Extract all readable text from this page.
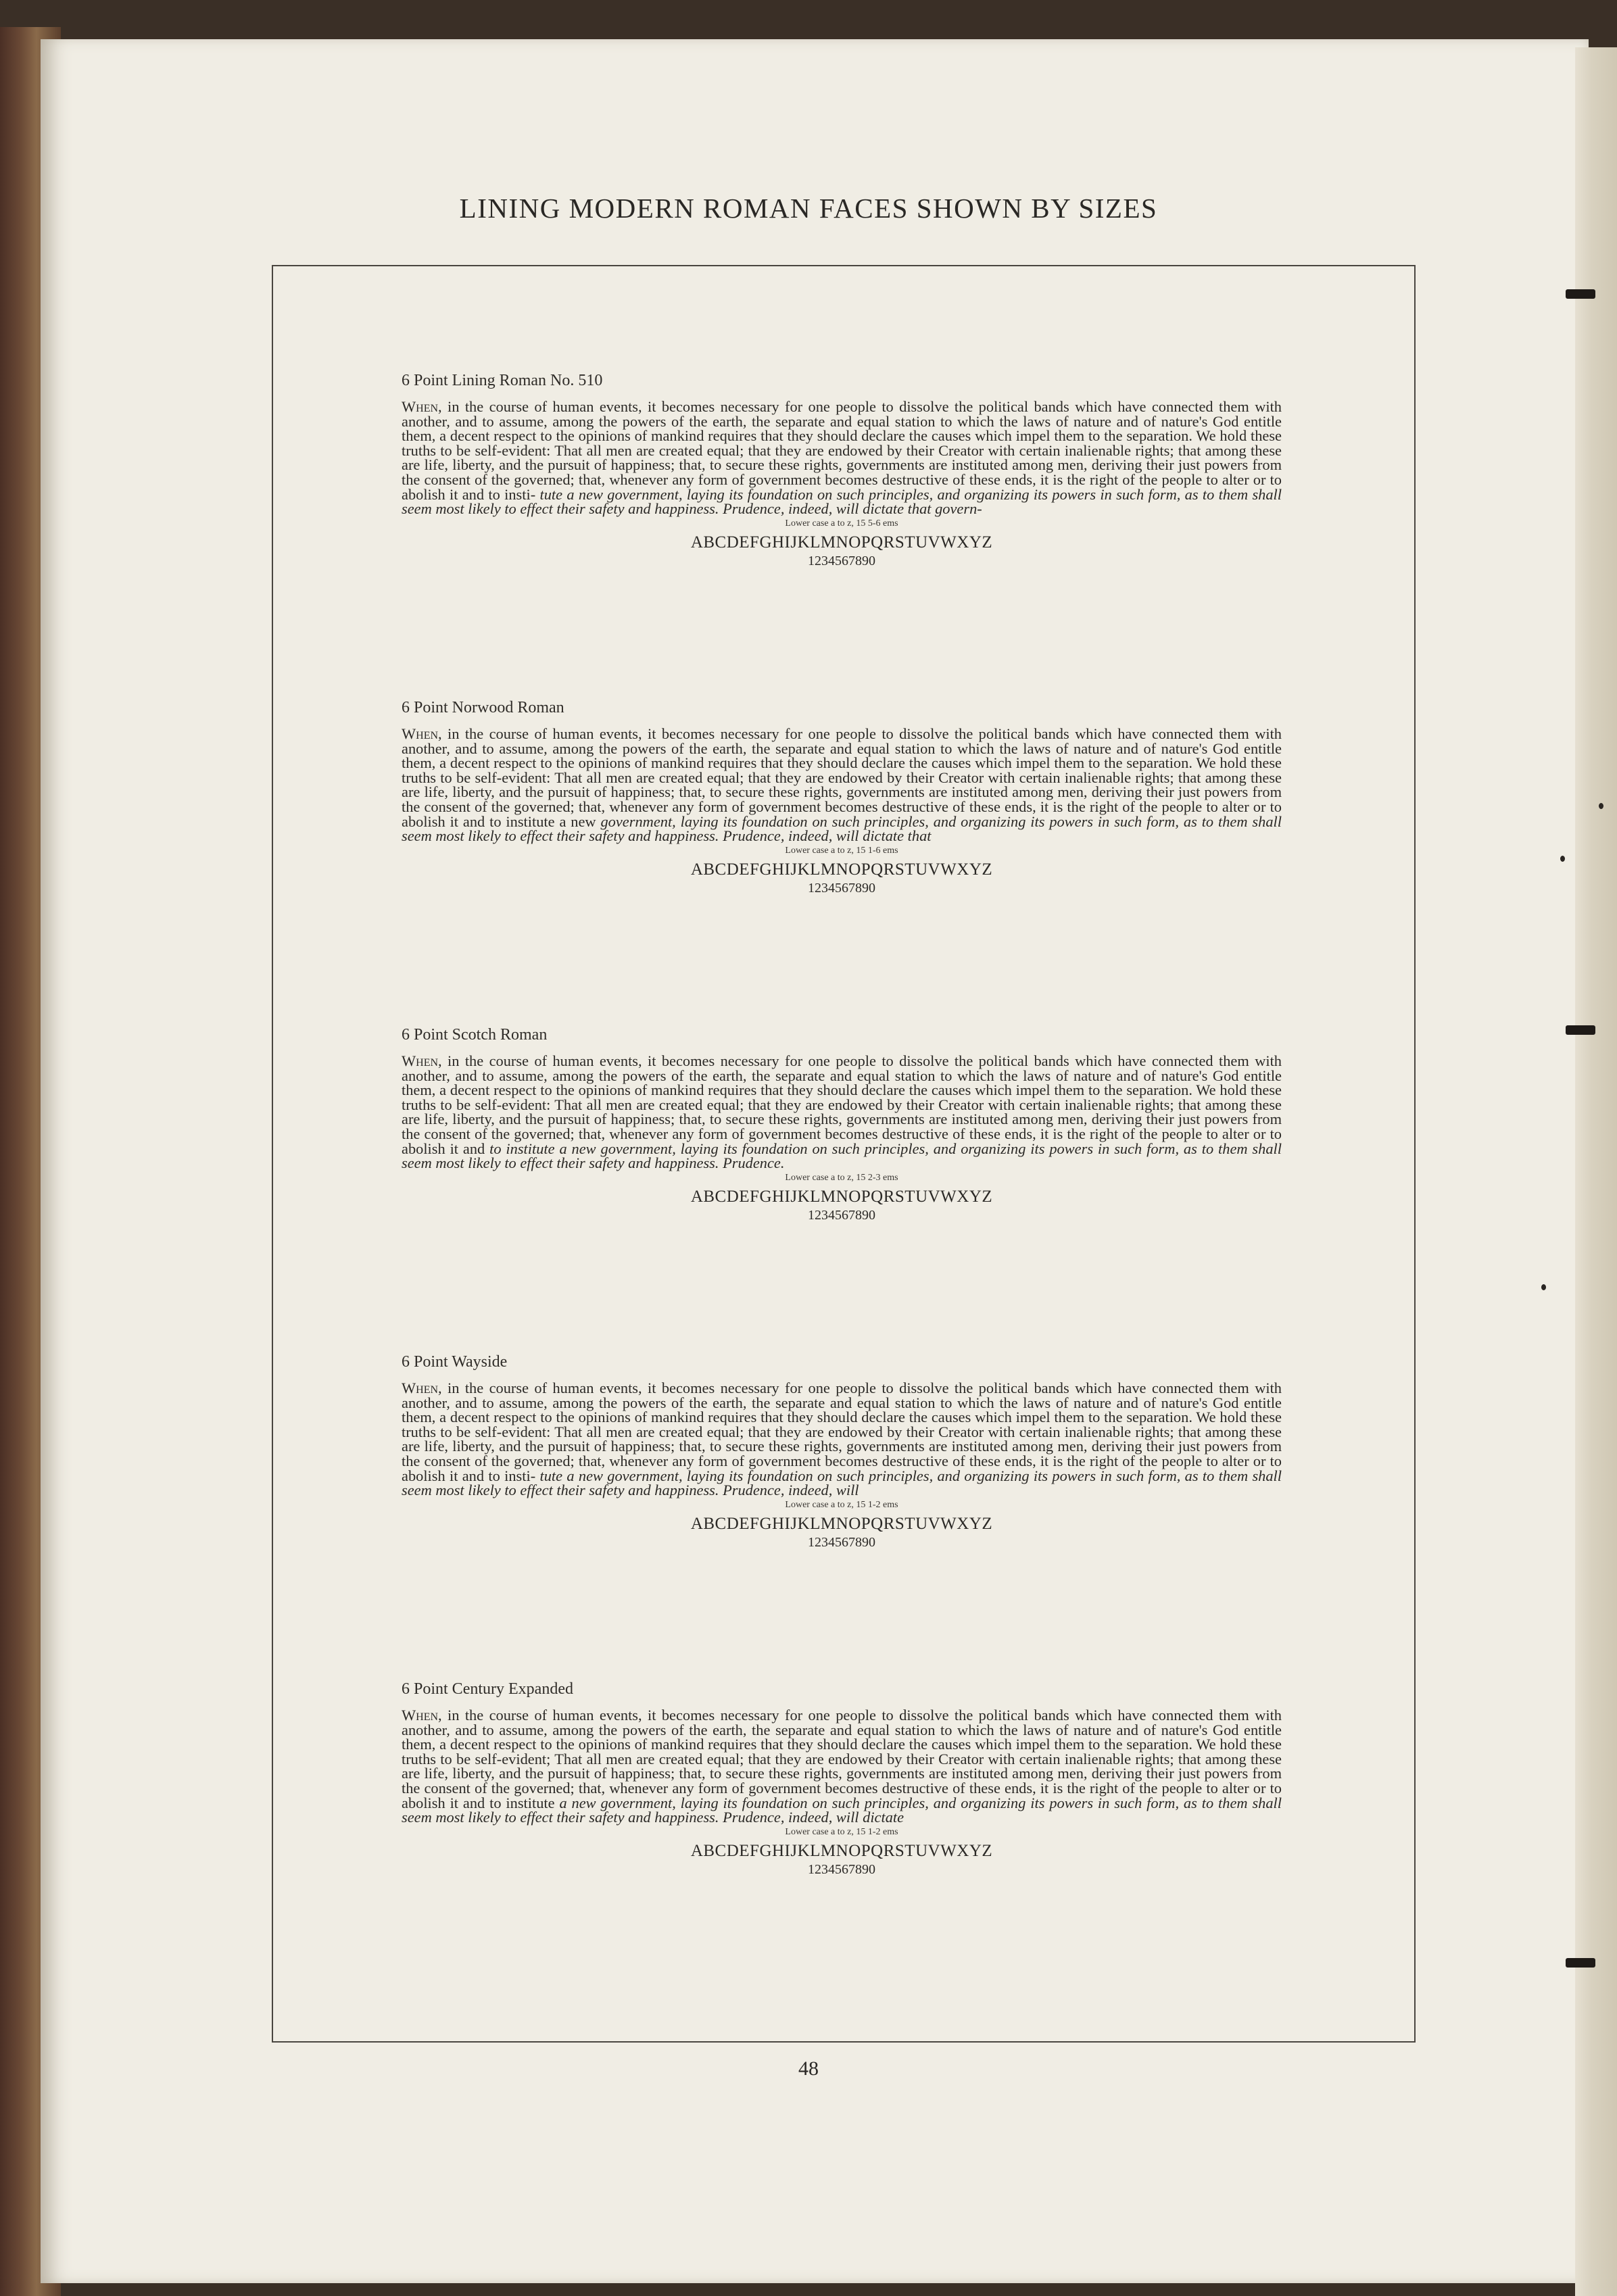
LINING MODERN ROMAN FACES SHOWN BY SIZES
6 Point Lining Roman No. 510
When, in the course of human events, it becomes necessary for one people to dissolve the political bands which have connected them with another, and to assume, among the powers of the earth, the separate and equal station to which the laws of nature and of nature's God entitle them, a decent respect to the opinions of mankind requires that they should declare the causes which impel them to the separation. We hold these truths to be self-evident: That all men are created equal; that they are endowed by their Creator with certain inalienable rights; that among these are life, liberty, and the pursuit of happiness; that, to secure these rights, governments are instituted among men, deriving their just powers from the consent of the governed; that, whenever any form of government becomes destructive of these ends, it is the right of the people to alter or to abolish it and to insti- tute a new government, laying its foundation on such principles, and organizing its powers in such form, as to them shall seem most likely to effect their safety and happiness. Prudence, indeed, will dictate that govern-
Lower case a to z, 15 5-6 ems
ABCDEFGHIJKLMNOPQRSTUVWXYZ
1234567890
6 Point Norwood Roman
When, in the course of human events, it becomes necessary for one people to dissolve the political bands which have connected them with another, and to assume, among the powers of the earth, the separate and equal station to which the laws of nature and of nature's God entitle them, a decent respect to the opinions of mankind requires that they should declare the causes which impel them to the separation. We hold these truths to be self-evident: That all men are created equal; that they are endowed by their Creator with certain inalienable rights; that among these are life, liberty, and the pursuit of happiness; that, to secure these rights, governments are instituted among men, deriving their just powers from the consent of the governed; that, whenever any form of government becomes destructive of these ends, it is the right of the people to alter or to abolish it and to institute a new government, laying its foundation on such principles, and organizing its powers in such form, as to them shall seem most likely to effect their safety and happiness. Prudence, indeed, will dictate that
Lower case a to z, 15 1-6 ems
ABCDEFGHIJKLMNOPQRSTUVWXYZ
1234567890
6 Point Scotch Roman
When, in the course of human events, it becomes necessary for one people to dissolve the political bands which have connected them with another, and to assume, among the powers of the earth, the separate and equal station to which the laws of nature and of nature's God entitle them, a decent respect to the opinions of mankind requires that they should declare the causes which impel them to the separation. We hold these truths to be self-evident: That all men are created equal; that they are endowed by their Creator with certain inalienable rights; that among these are life, liberty, and the pursuit of happiness; that, to secure these rights, governments are instituted among men, deriving their just powers from the consent of the governed; that, whenever any form of government becomes destructive of these ends, it is the right of the people to alter or to abolish it and to institute a new government, laying its foundation on such principles, and organizing its powers in such form, as to them shall seem most likely to effect their safety and happiness. Prudence.
Lower case a to z, 15 2-3 ems
ABCDEFGHIJKLMNOPQRSTUVWXYZ
1234567890
6 Point Wayside
When, in the course of human events, it becomes necessary for one people to dissolve the political bands which have connected them with another, and to assume, among the powers of the earth, the separate and equal station to which the laws of nature and of nature's God entitle them, a decent respect to the opinions of mankind requires that they should declare the causes which impel them to the separation. We hold these truths to be self-evident: That all men are created equal; that they are endowed by their Creator with certain inalienable rights; that among these are life, liberty, and the pursuit of happiness; that, to secure these rights, governments are instituted among men, deriving their just powers from the consent of the governed; that, whenever any form of government becomes destructive of these ends, it is the right of the people to alter or to abolish it and to insti- tute a new government, laying its foundation on such principles, and organizing its powers in such form, as to them shall seem most likely to effect their safety and happiness. Prudence, indeed, will
Lower case a to z, 15 1-2 ems
ABCDEFGHIJKLMNOPQRSTUVWXYZ
1234567890
6 Point Century Expanded
When, in the course of human events, it becomes necessary for one people to dissolve the political bands which have connected them with another, and to assume, among the powers of the earth, the separate and equal station to which the laws of nature and of nature's God entitle them, a decent respect to the opinions of mankind requires that they should declare the causes which impel them to the separation. We hold these truths to be self-evident; That all men are created equal; that they are endowed by their Creator with certain inalienable rights; that among these are life, liberty, and the pursuit of happiness; that, to secure these rights, governments are instituted among men, deriving their just powers from the consent of the governed; that, whenever any form of government becomes destructive of these ends, it is the right of the people to alter or to abolish it and to institute a new government, laying its foundation on such principles, and organizing its powers in such form, as to them shall seem most likely to effect their safety and happiness. Prudence, indeed, will dictate
Lower case a to z, 15 1-2 ems
ABCDEFGHIJKLMNOPQRSTUVWXYZ
1234567890
48
